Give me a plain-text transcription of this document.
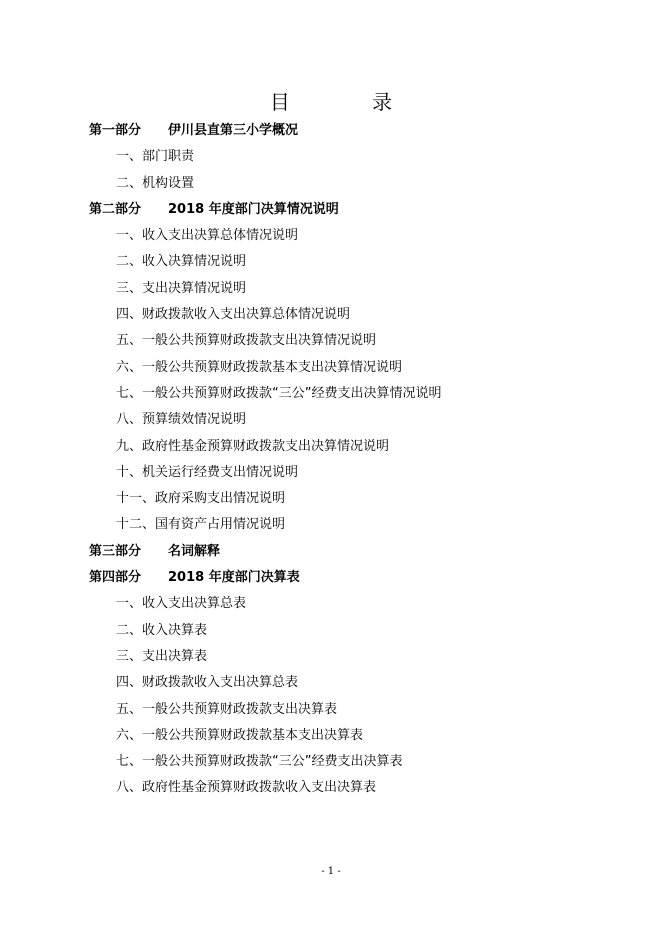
目 录
第一部分 伊川县直第三小学概况
一、部门职责
二、机构设置
第二部分 2018 年度部门决算情况说明
一、收入支出决算总体情况说明
二、收入决算情况说明
三、支出决算情况说明
四、财政拨款收入支出决算总体情况说明
五、一般公共预算财政拨款支出决算情况说明
六、一般公共预算财政拨款基本支出决算情况说明
七、一般公共预算财政拨款“三公”经费支出决算情况说明
八、预算绩效情况说明
九、政府性基金预算财政拨款支出决算情况说明
十、机关运行经费支出情况说明
十一、政府采购支出情况说明
十二、国有资产占用情况说明
第三部分 名词解释
第四部分 2018 年度部门决算表
一、收入支出决算总表
二、收入决算表
三、支出决算表
四、财政拨款收入支出决算总表
五、一般公共预算财政拨款支出决算表
六、一般公共预算财政拨款基本支出决算表
七、一般公共预算财政拨款“三公”经费支出决算表
八、政府性基金预算财政拨款收入支出决算表
- 1 -
